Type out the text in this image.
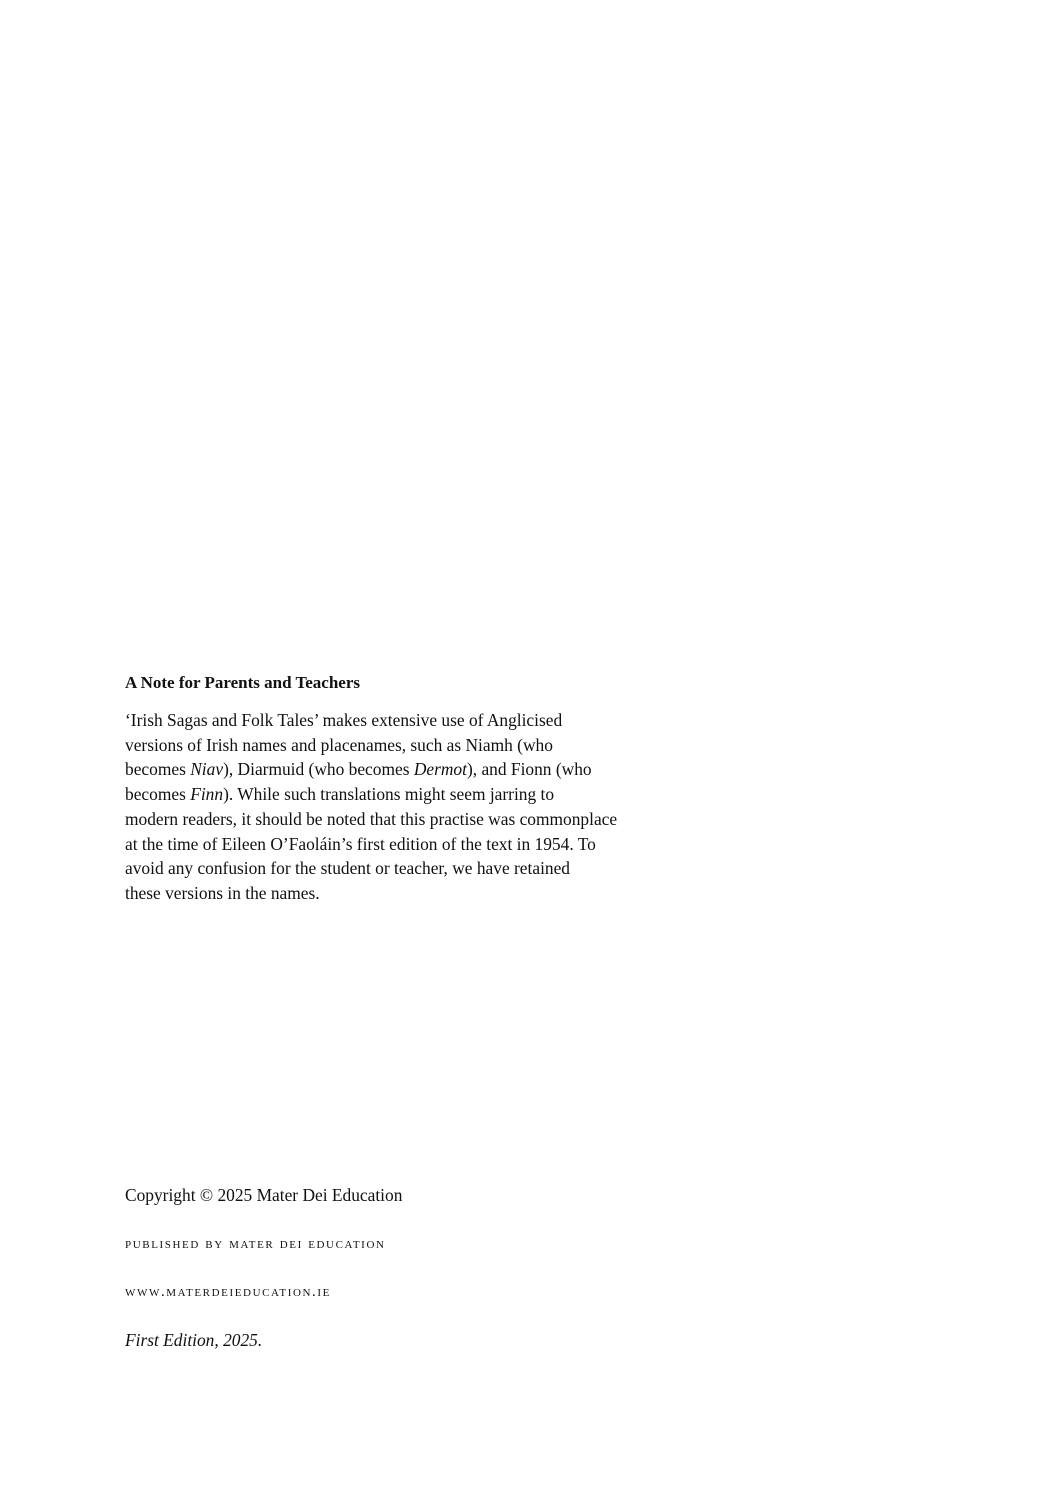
A Note for Parents and Teachers

‘Irish Sagas and Folk Tales’ makes extensive use of Anglicised
versions of Irish names and placenames, such as Niamh (who
becomes Niav), Diarmuid (who becomes Dermot), and Fionn (who
becomes Finn). While such translations might seem jarring to
modern readers, it should be noted that this practise was commonplace
at the time of Eileen O’Faoláin’s first edition of the text in 1954. To
avoid any confusion for the student or teacher, we have retained
these versions in the names.

Copyright © 2025 Mater Dei Education

published by mater dei education

www.materdeieducation.ie

First Edition, 2025.
